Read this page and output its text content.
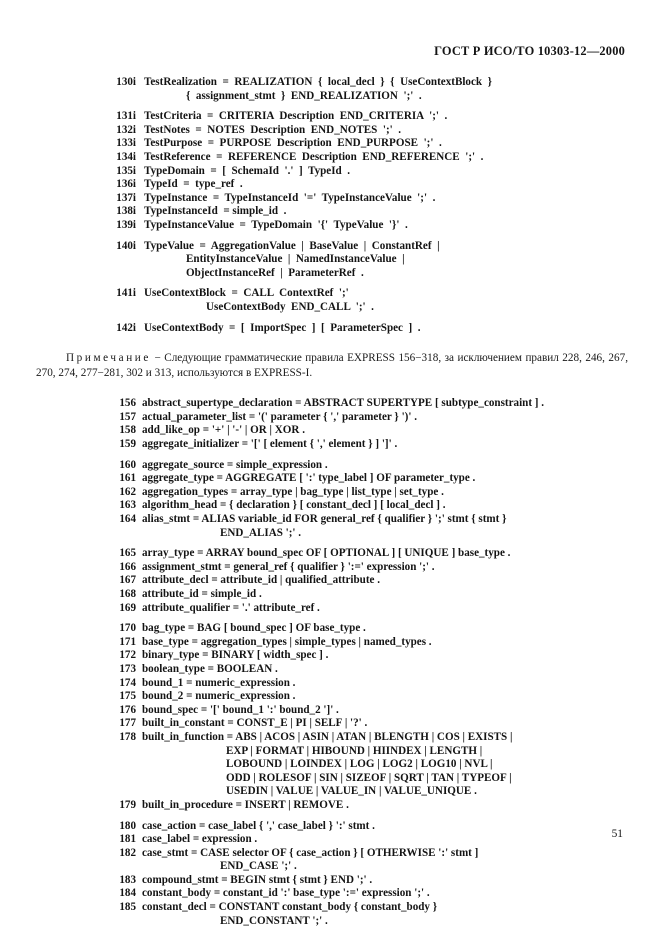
ГОСТ Р ИСО/ТО 10303-12—2000
130i TestRealization  =  REALIZATION  {  local_decl  }  {  UseContextBlock  }
{  assignment_stmt  }  END_REALIZATION  ';'  .
131i TestCriteria  =  CRITERIA  Description  END_CRITERIA  ';'  .
132i TestNotes  =  NOTES  Description  END_NOTES  ';'  .
133i TestPurpose  =  PURPOSE  Description  END_PURPOSE  ';'  .
134i TestReference  =  REFERENCE  Description  END_REFERENCE  ';'  .
135i TypeDomain  =  [  SchemaId  '.'  ]  TypeId  .
136i TypeId  =  type_ref  .
137i TypeInstance  =  TypeInstanceId  '='  TypeInstanceValue  ';'  .
138i TypeInstanceId  = simple_id  .
139i TypeInstanceValue  =  TypeDomain  '{'  TypeValue  '}'  .
140i TypeValue  =  AggregationValue  |  BaseValue  |  ConstantRef  |
EntityInstanceValue  |  NamedInstanceValue  |
ObjectInstanceRef  |  ParameterRef  .
141i UseContextBlock  =  CALL  ContextRef  ';'
UseContextBody  END_CALL  ';'  .
142i UseContextBody  =  [  ImportSpec  ]  [  ParameterSpec  ]  .
Примечание − Следующие грамматические правила EXPRESS 156−318, за исключением правил 228, 246, 267, 270, 274, 277−281, 302 и 313, используются в EXPRESS-I.
156 abstract_supertype_declaration = ABSTRACT SUPERTYPE [ subtype_constraint ] .
157 actual_parameter_list = '(' parameter { ',' parameter } ')' .
158 add_like_op = '+' | '-' | OR | XOR .
159 aggregate_initializer = '[' [ element { ',' element } ] ']' .
160 aggregate_source = simple_expression .
161 aggregate_type = AGGREGATE [ ':' type_label ] OF parameter_type .
162 aggregation_types = array_type | bag_type | list_type | set_type .
163 algorithm_head = { declaration } [ constant_decl ] [ local_decl ] .
164 alias_stmt = ALIAS variable_id FOR general_ref { qualifier } ';' stmt { stmt }
END_ALIAS ';' .
165 array_type = ARRAY bound_spec OF [ OPTIONAL ] [ UNIQUE ] base_type .
166 assignment_stmt = general_ref { qualifier } ':=' expression ';' .
167 attribute_decl = attribute_id | qualified_attribute .
168 attribute_id = simple_id .
169 attribute_qualifier = '.' attribute_ref .
170 bag_type = BAG [ bound_spec ] OF base_type .
171 base_type = aggregation_types | simple_types | named_types .
172 binary_type = BINARY [ width_spec ] .
173 boolean_type = BOOLEAN .
174 bound_1 = numeric_expression .
175 bound_2 = numeric_expression .
176 bound_spec = '[' bound_1 ':' bound_2 ']' .
177 built_in_constant = CONST_E | PI | SELF | '?' .
178 built_in_function = ABS | ACOS | ASIN | ATAN | BLENGTH | COS | EXISTS |
EXP | FORMAT | HIBOUND | HIINDEX | LENGTH |
LOBOUND | LOINDEX | LOG | LOG2 | LOG10 | NVL |
ODD | ROLESOF | SIN | SIZEOF | SQRT | TAN | TYPEOF |
USEDIN | VALUE | VALUE_IN | VALUE_UNIQUE .
179 built_in_procedure = INSERT | REMOVE .
180 case_action = case_label { ',' case_label } ':' stmt .
181 case_label = expression .
182 case_stmt = CASE selector OF { case_action } [ OTHERWISE ':' stmt ]
END_CASE ';' .
183 compound_stmt = BEGIN stmt { stmt } END ';' .
184 constant_body = constant_id ':' base_type ':=' expression ';' .
185 constant_decl = CONSTANT constant_body { constant_body }
END_CONSTANT ';' .
51
